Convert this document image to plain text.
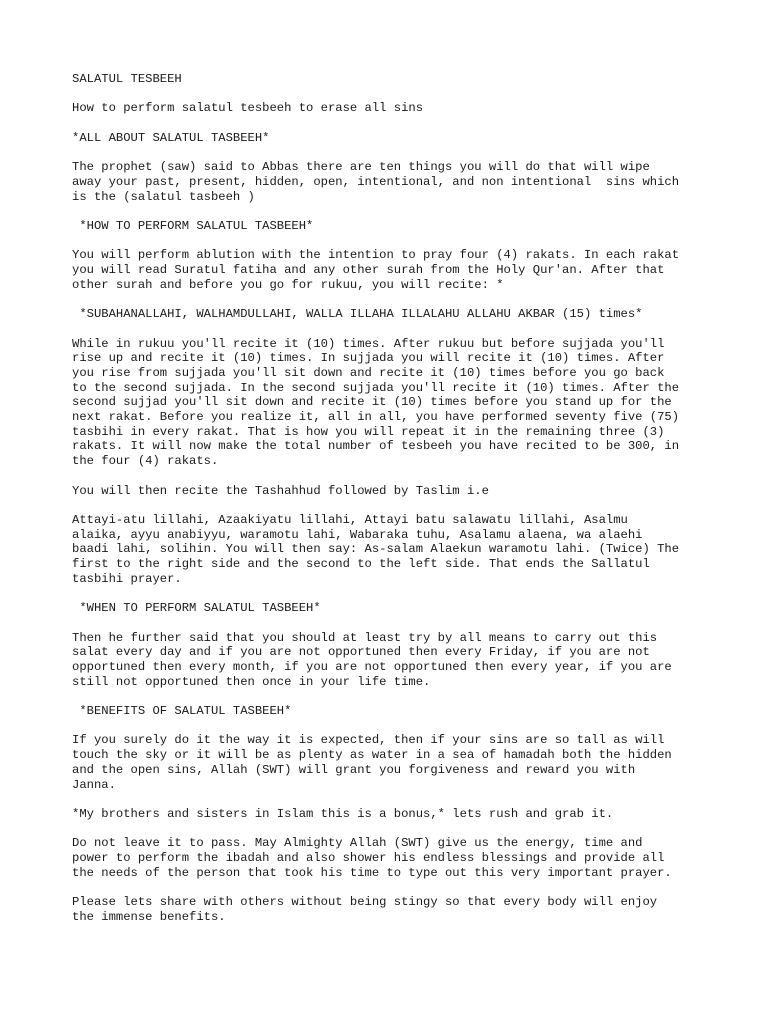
SALATUL TESBEEH
How to perform salatul tesbeeh to erase all sins
*ALL ABOUT SALATUL TASBEEH*
The prophet (saw) said to Abbas there are ten things you will do that will wipe
away your past, present, hidden, open, intentional, and non intentional  sins which
is the (salatul tasbeeh )
*HOW TO PERFORM SALATUL TASBEEH*
You will perform ablution with the intention to pray four (4) rakats. In each rakat
you will read Suratul fatiha and any other surah from the Holy Qur'an. After that
other surah and before you go for rukuu, you will recite: *
*SUBAHANALLAHI, WALHAMDULLAHI, WALLA ILLAHA ILLALAHU ALLAHU AKBAR (15) times*
While in rukuu you'll recite it (10) times. After rukuu but before sujjada you'll
rise up and recite it (10) times. In sujjada you will recite it (10) times. After
you rise from sujjada you'll sit down and recite it (10) times before you go back
to the second sujjada. In the second sujjada you'll recite it (10) times. After the
second sujjad you'll sit down and recite it (10) times before you stand up for the
next rakat. Before you realize it, all in all, you have performed seventy five (75)
tasbihi in every rakat. That is how you will repeat it in the remaining three (3)
rakats. It will now make the total number of tesbeeh you have recited to be 300, in
the four (4) rakats.
You will then recite the Tashahhud followed by Taslim i.e
Attayi-atu lillahi, Azaakiyatu lillahi, Attayi batu salawatu lillahi, Asalmu
alaika, ayyu anabiyyu, waramotu lahi, Wabaraka tuhu, Asalamu alaena, wa alaehi
baadi lahi, solihin. You will then say: As-salam Alaekun waramotu lahi. (Twice) The
first to the right side and the second to the left side. That ends the Sallatul
tasbihi prayer.
*WHEN TO PERFORM SALATUL TASBEEH*
Then he further said that you should at least try by all means to carry out this
salat every day and if you are not opportuned then every Friday, if you are not
opportuned then every month, if you are not opportuned then every year, if you are
still not opportuned then once in your life time.
*BENEFITS OF SALATUL TASBEEH*
If you surely do it the way it is expected, then if your sins are so tall as will
touch the sky or it will be as plenty as water in a sea of hamadah both the hidden
and the open sins, Allah (SWT) will grant you forgiveness and reward you with
Janna.
*My brothers and sisters in Islam this is a bonus,* lets rush and grab it.
Do not leave it to pass. May Almighty Allah (SWT) give us the energy, time and
power to perform the ibadah and also shower his endless blessings and provide all
the needs of the person that took his time to type out this very important prayer.
Please lets share with others without being stingy so that every body will enjoy
the immense benefits.
